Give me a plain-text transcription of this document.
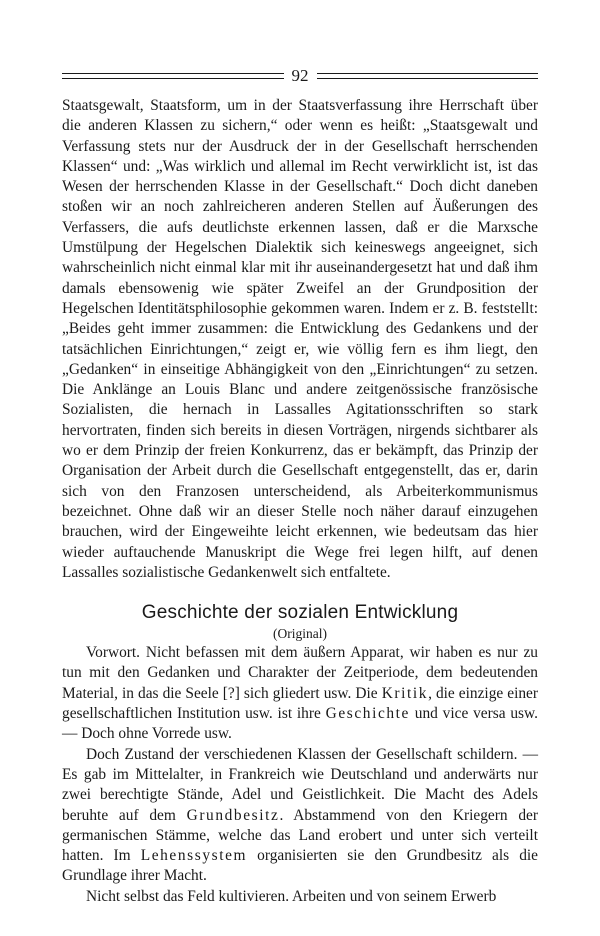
92

Staatsgewalt, Staatsform, um in der Staatsverfassung ihre Herrschaft über die anderen Klassen zu sichern,“ oder wenn es heißt: „Staatsgewalt und Verfassung stets nur der Ausdruck der in der Gesellschaft herrschenden Klassen“ und: „Was wirklich und allemal im Recht verwirklicht ist, ist das Wesen der herrschenden Klasse in der Gesellschaft.“ Doch dicht daneben stoßen wir an noch zahlreicheren anderen Stellen auf Äußerungen des Verfassers, die aufs deutlichste erkennen lassen, daß er die Marxsche Umstülpung der Hegelschen Dialektik sich keineswegs angeeignet, sich wahrscheinlich nicht einmal klar mit ihr auseinandergesetzt hat und daß ihm damals ebensowenig wie später Zweifel an der Grundposition der Hegelschen Identitätsphilosophie gekommen waren. Indem er z. B. feststellt: „Beides geht immer zusammen: die Entwicklung des Gedankens und der tatsächlichen Einrichtungen,“ zeigt er, wie völlig fern es ihm liegt, den „Gedanken“ in einseitige Abhängigkeit von den „Einrichtungen“ zu setzen. Die Anklänge an Louis Blanc und andere zeitgenössische französische Sozialisten, die hernach in Lassalles Agitationsschriften so stark hervortraten, finden sich bereits in diesen Vorträgen, nirgends sichtbarer als wo er dem Prinzip der freien Konkurrenz, das er bekämpft, das Prinzip der Organisation der Arbeit durch die Gesellschaft entgegenstellt, das er, darin sich von den Franzosen unterscheidend, als Arbeiterkommunismus bezeichnet. Ohne daß wir an dieser Stelle noch näher darauf einzugehen brauchen, wird der Eingeweihte leicht erkennen, wie bedeutsam das hier wieder auftauchende Manuskript die Wege frei legen hilft, auf denen Lassalles sozialistische Gedankenwelt sich entfaltete.

Geschichte der sozialen Entwicklung

(Original)

Vorwort. Nicht befassen mit dem äußern Apparat, wir haben es nur zu tun mit den Gedanken und Charakter der Zeitperiode, dem bedeutenden Material, in das die Seele [?] sich gliedert usw. Die Kritik, die einzige einer gesellschaftlichen Institution usw. ist ihre Geschichte und vice versa usw. — Doch ohne Vorrede usw.

Doch Zustand der verschiedenen Klassen der Gesellschaft schildern. — Es gab im Mittelalter, in Frankreich wie Deutschland und anderwärts nur zwei berechtigte Stände, Adel und Geistlichkeit. Die Macht des Adels beruhte auf dem Grundbesitz. Abstammend von den Kriegern der germanischen Stämme, welche das Land erobert und unter sich verteilt hatten. Im Lehenssystem organisierten sie den Grundbesitz als die Grundlage ihrer Macht.

Nicht selbst das Feld kultivieren. Arbeiten und von seinem Erwerb
